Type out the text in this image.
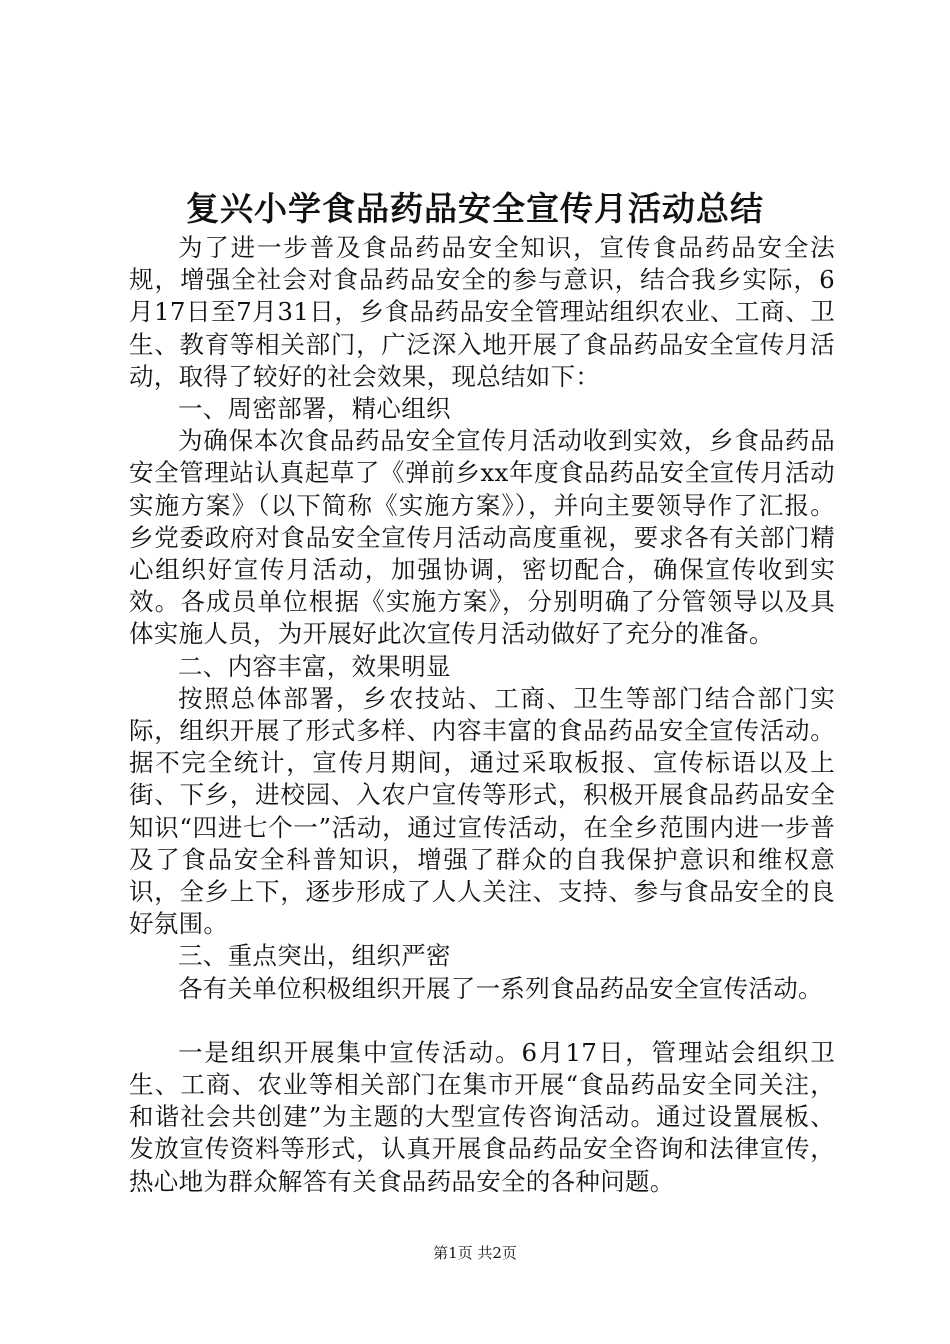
复兴小学食品药品安全宣传月活动总结

为了进一步普及食品药品安全知识，宣传食品药品安全法规，增强全社会对食品药品安全的参与意识，结合我乡实际，6月17日至7月31日，乡食品药品安全管理站组织农业、工商、卫生、教育等相关部门，广泛深入地开展了食品药品安全宣传月活动，取得了较好的社会效果，现总结如下：

一、周密部署，精心组织

为确保本次食品药品安全宣传月活动收到实效，乡食品药品安全管理站认真起草了《弹前乡xx年度食品药品安全宣传月活动实施方案》（以下简称《实施方案》），并向主要领导作了汇报。乡党委政府对食品安全宣传月活动高度重视，要求各有关部门精心组织好宣传月活动，加强协调，密切配合，确保宣传收到实效。各成员单位根据《实施方案》，分别明确了分管领导以及具体实施人员，为开展好此次宣传月活动做好了充分的准备。

二、内容丰富，效果明显

按照总体部署，乡农技站、工商、卫生等部门结合部门实际，组织开展了形式多样、内容丰富的食品药品安全宣传活动。据不完全统计，宣传月期间，通过采取板报、宣传标语以及上街、下乡，进校园、入农户宣传等形式，积极开展食品药品安全知识“四进七个一”活动，通过宣传活动，在全乡范围内进一步普及了食品安全科普知识，增强了群众的自我保护意识和维权意识，全乡上下，逐步形成了人人关注、支持、参与食品安全的良好氛围。

三、重点突出，组织严密

各有关单位积极组织开展了一系列食品药品安全宣传活动。

一是组织开展集中宣传活动。6月17日，管理站会组织卫生、工商、农业等相关部门在集市开展“食品药品安全同关注，和谐社会共创建”为主题的大型宣传咨询活动。通过设置展板、发放宣传资料等形式，认真开展食品药品安全咨询和法律宣传，热心地为群众解答有关食品药品安全的各种问题。

第1页 共2页
